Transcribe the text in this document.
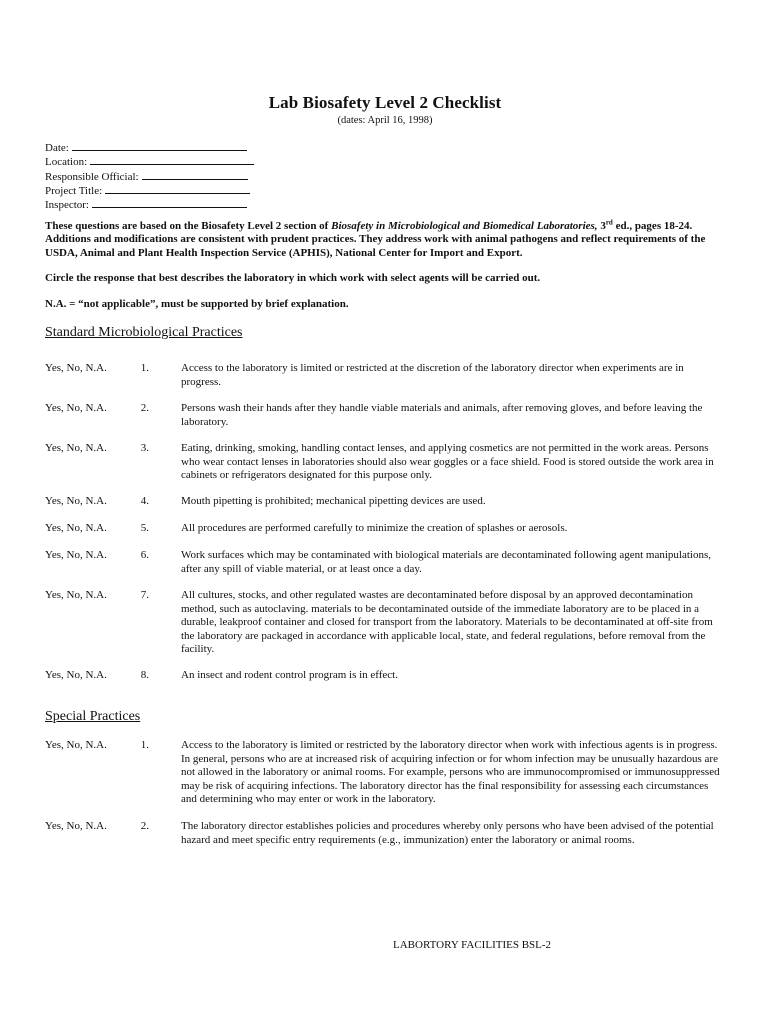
Lab Biosafety Level 2 Checklist
(dates: April 16, 1998)
Date:
Location:
Responsible Official:
Project Title:
Inspector:
These questions are based on the Biosafety Level 2 section of Biosafety in Microbiological and Biomedical Laboratories, 3rd ed., pages 18-24. Additions and modifications are consistent with prudent practices. They address work with animal pathogens and reflect requirements of the USDA, Animal and Plant Health Inspection Service (APHIS), National Center for Import and Export.
Circle the response that best describes the laboratory in which work with select agents will be carried out.
N.A. = “not applicable”, must be supported by brief explanation.
Standard Microbiological Practices
Yes, No, N.A.	1.	Access to the laboratory is limited or restricted at the discretion of the laboratory director when experiments are in progress.
Yes, No, N.A.	2.	Persons wash their hands after they handle viable materials and animals, after removing gloves, and before leaving the laboratory.
Yes, No, N.A.	3.	Eating, drinking, smoking, handling contact lenses, and applying cosmetics are not permitted in the work areas. Persons who wear contact lenses in laboratories should also wear goggles or a face shield. Food is stored outside the work area in cabinets or refrigerators designated for this purpose only.
Yes, No, N.A.	4.	Mouth pipetting is prohibited; mechanical pipetting devices are used.
Yes, No, N.A.	5.	All procedures are performed carefully to minimize the creation of splashes or aerosols.
Yes, No, N.A.	6.	Work surfaces which may be contaminated with biological materials are decontaminated following agent manipulations, after any spill of viable material, or at least once a day.
Yes, No, N.A.	7.	All cultures, stocks, and other regulated wastes are decontaminated before disposal by an approved decontamination method, such as autoclaving. materials to be decontaminated outside of the immediate laboratory are to be placed in a durable, leakproof container and closed for transport from the laboratory. Materials to be decontaminated at off-site from the laboratory are packaged in accordance with applicable local, state, and federal regulations, before removal from the facility.
Yes, No, N.A.	8.	An insect and rodent control program is in effect.
Special Practices
Yes, No, N.A.	1.	Access to the laboratory is limited or restricted by the laboratory director when work with infectious agents is in progress. In general, persons who are at increased risk of acquiring infection or for whom infection may be unusually hazardous are not allowed in the laboratory or animal rooms. For example, persons who are immunocompromised or immunosuppressed may be risk of acquiring infections. The laboratory director has the final responsibility for assessing each circumstances and determining who may enter or work in the laboratory.
Yes, No, N.A.	2.	The laboratory director establishes policies and procedures whereby only persons who have been advised of the potential hazard and meet specific entry requirements (e.g., immunization) enter the laboratory or animal rooms.
LABORTORY FACILITIES BSL-2
